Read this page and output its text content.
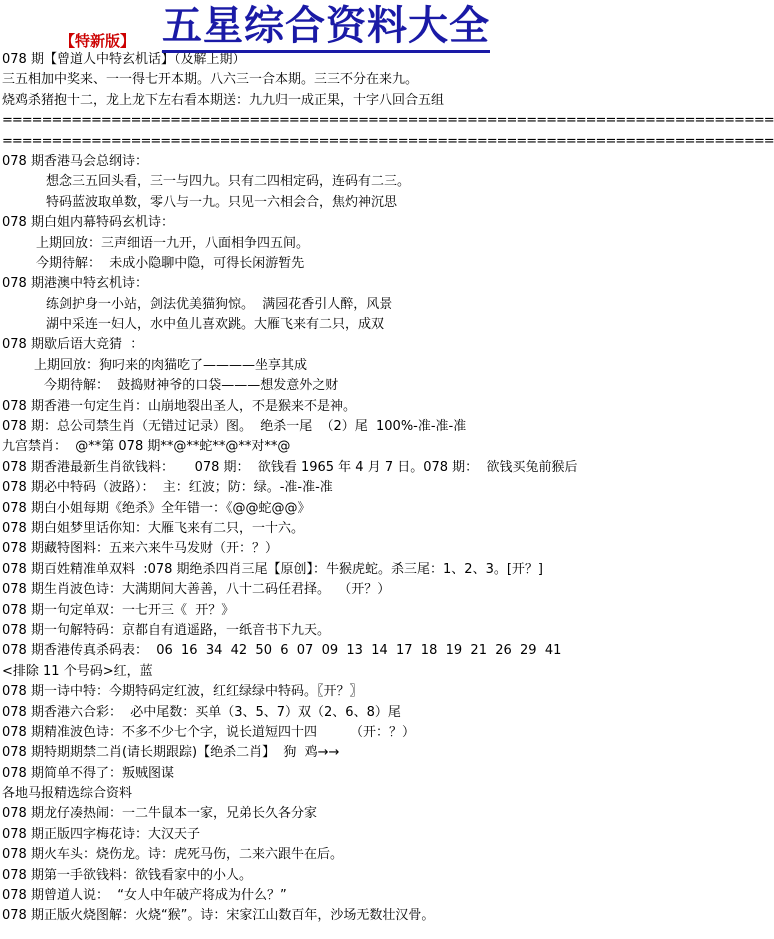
【特新版】 五星综合资料大全
078 期【曾道人中特玄机话】（及解上期）
三五相加中奖来、一一得七开本期。八六三一合本期。三三不分在来九。
烧鸡杀猪抱十二，龙上龙下左右看本期送：九九归一成正果，十字八回合五组
==============================================================================
==============================================================================
078 期香港马会总纲诗：
想念三五回头看，三一与四九。只有二四相定码，连码有二三。
特码蓝波取单数，零八与一九。只见一六相会合，焦灼神沉思
078 期白姐内幕特码玄机诗：
上期回放：三声细语一九开，八面相争四五间。
今期待解：  未成小隐聊中隐，可得长闲游暂先
078 期港澳中特玄机诗：
练剑护身一小站，剑法优美猫狗惊。  满园花香引人醉，风景
湖中采连一妇人，水中鱼儿喜欢跳。大雁飞来有二只，成双
078 期歇后语大竞猜  ：
上期回放：狗叼来的肉猫吃了————坐享其成
今期待解：  鼓捣财神爷的口袋———想发意外之财
078 期香港一句定生肖：山崩地裂出圣人，不是猴来不是神。
078 期：总公司禁生肖（无错过记录）图。  绝杀一尾  （2）尾  100%-准-准-准
九宫禁肖：  @**第 078 期**@**蛇**@**对**@
078 期香港最新生肖欲钱料：     078 期：  欲钱看 1965 年 4 月 7 日。078 期：  欲钱买兔前猴后
078 期必中特码（波路）：  主：红波；防：绿。-准-准-准
078 期白小姐每期《绝杀》全年错一：《@@蛇@@》
078 期白姐梦里话你知：大雁飞来有二只，一十六。
078 期藏特图料：五来六来牛马发财（开：？）
078 期百姓精准单双料  :078 期绝杀四肖三尾【原创】：牛猴虎蛇。杀三尾：1、2、3。[开？]
078 期生肖波色诗：大满期间大善善，八十二码任君择。  （开？）
078 期一句定单双：一七开三《  开？》
078 期一句解特码：京都自有逍遥路，一纸音书下九天。
078 期香港传真杀码表：  06  16  34  42  50  6  07  09  13  14  17  18  19  21  26  29  41
<排除 11 个号码>红，蓝
078 期一诗中特：今期特码定红波，红红绿绿中特码。〖开？〗
078 期香港六合彩：  必中尾数：买单（3、5、7）双（2、6、8）尾
078 期精准波色诗：不多不少七个字，说长道短四十四        （开：？）
078 期特期期禁二肖(请长期跟踪)【绝杀二肖】  狗  鸡→→
078 期简单不得了：叛贼图谋
各地马报精选综合资料
078 期龙仔凑热闹：一二牛鼠本一家，兄弟长久各分家
078 期正版四字梅花诗：大汉天子
078 期火车头：烧伤龙。诗：虎死马伤，二来六跟牛在后。
078 期第一手欲钱料：欲钱看家中的小人。
078 期曾道人说：  “女人中年破产将成为什么？”
078 期正版火烧图解：火烧“猴”。诗：宋家江山数百年，沙场无数壮汉骨。
